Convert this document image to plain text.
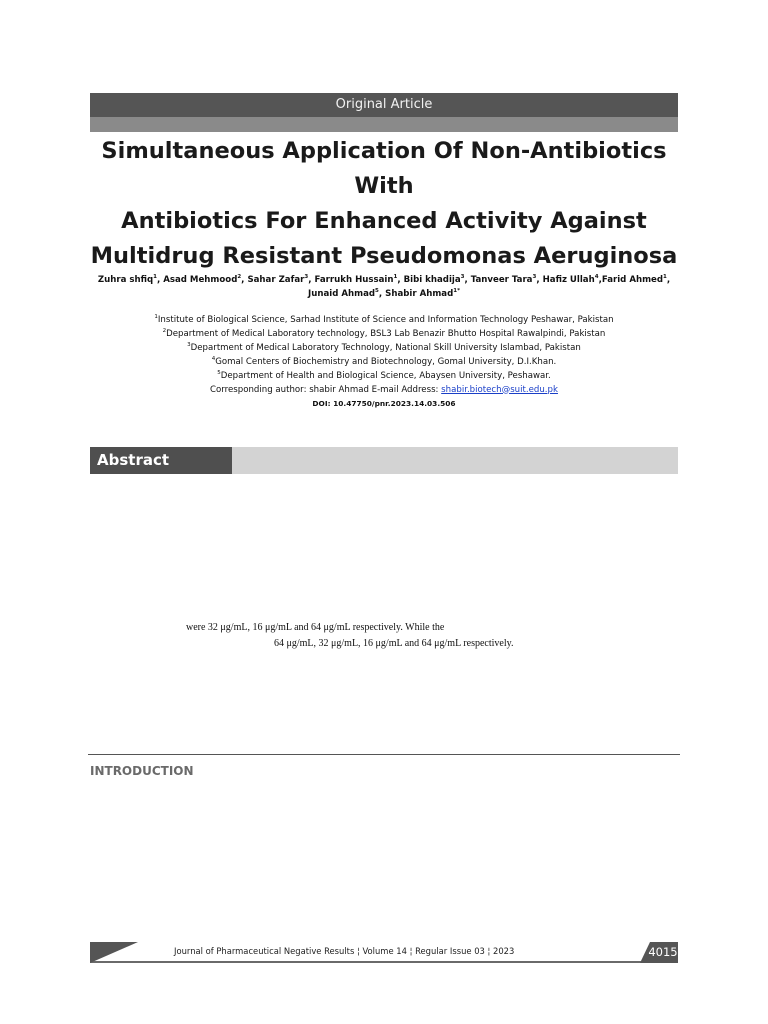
Original Article
Simultaneous Application Of Non-Antibiotics With
Antibiotics For Enhanced Activity Against
Multidrug Resistant Pseudomonas Aeruginosa
Zuhra shfiq$^1$, Asad Mehmood$^2$, Sahar Zafar$^3$, Farrukh Hussain$^1$, Bibi khadija$^3$, Tanveer Tara$^3$, Hafiz Ullah$^4$,Farid Ahmed$^1$,
Junaid Ahmad$^5$, Shabir Ahmad$^{1*}$
$^1$Institute of Biological Science, Sarhad Institute of Science and Information Technology Peshawar, Pakistan
$^2$Department of Medical Laboratory technology, BSL3 Lab Benazir Bhutto Hospital Rawalpindi, Pakistan
$^3$Department of Medical Laboratory Technology, National Skill University Islambad, Pakistan
$^4$Gomal Centers of Biochemistry and Biotechnology, Gomal University, D.I.Khan.
$^5$Department of Health and Biological Science, Abaysen University, Peshawar.
Corresponding author: shabir Ahmad E-mail Address: shabir.biotech@suit.edu.pk
DOI: 10.47750/pnr.2023.14.03.506
Abstract
were 32 μg/mL, 16 μg/mL and 64 μg/mL respectively. While the
64 μg/mL, 32 μg/mL, 16 μg/mL and 64 μg/mL respectively.
INTRODUCTION
Journal of Pharmaceutical Negative Results ¦ Volume 14 ¦ Regular Issue 03 ¦ 2023	4015
